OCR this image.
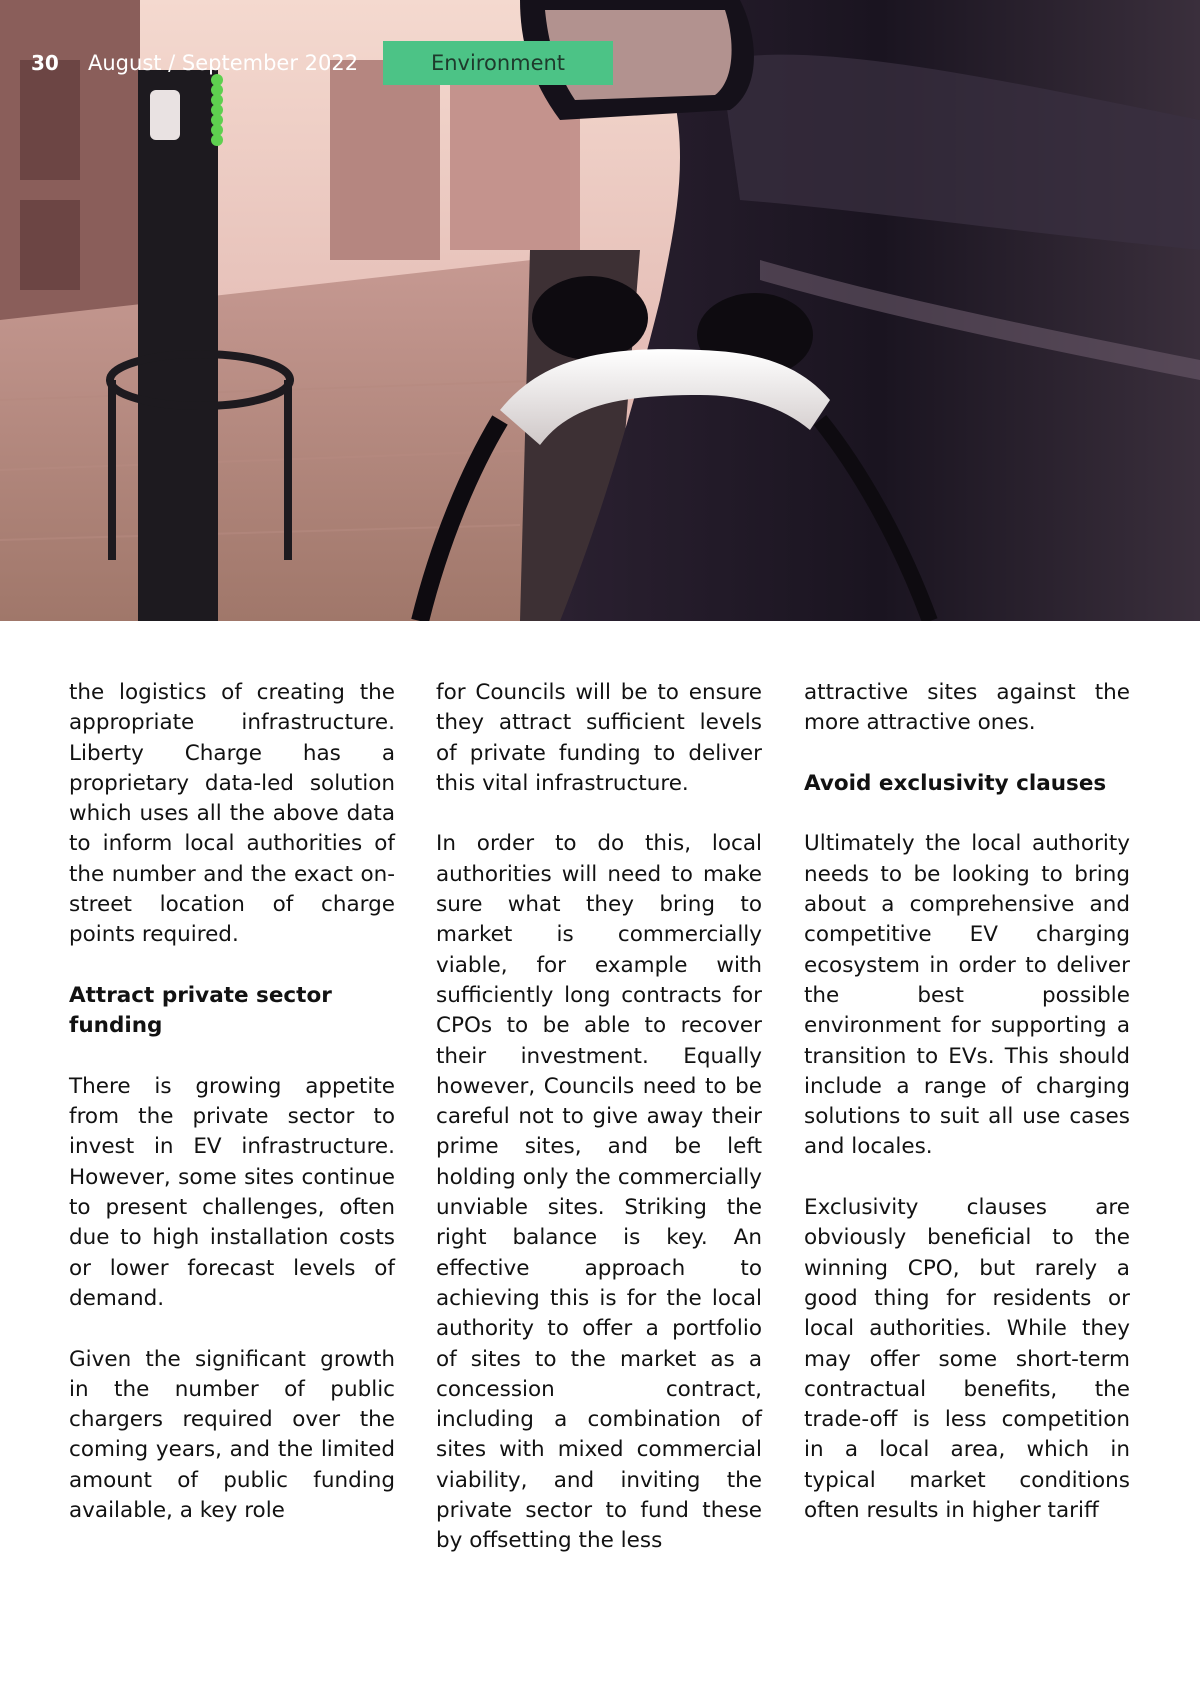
30 August / September 2022	Environment

the logistics of creating the appropriate infrastructure. Liberty Charge has a proprietary data-led solution which uses all the above data to inform local authorities of the number and the exact on-street location of charge points required.

Attract private sector funding

There is growing appetite from the private sector to invest in EV infrastructure. However, some sites continue to present challenges, often due to high installation costs or lower forecast levels of demand.

Given the significant growth in the number of public chargers required over the coming years, and the limited amount of public funding available, a key role

for Councils will be to ensure they attract sufficient levels of private funding to deliver this vital infrastructure.

In order to do this, local authorities will need to make sure what they bring to market is commercially viable, for example with sufficiently long contracts for CPOs to be able to recover their investment. Equally however, Councils need to be careful not to give away their prime sites, and be left holding only the commercially unviable sites. Striking the right balance is key. An effective approach to achieving this is for the local authority to offer a portfolio of sites to the market as a concession contract, including a combination of sites with mixed commercial viability, and inviting the private sector to fund these by offsetting the less

attractive sites against the more attractive ones.

Avoid exclusivity clauses

Ultimately the local authority needs to be looking to bring about a comprehensive and competitive EV charging ecosystem in order to deliver the best possible environment for supporting a transition to EVs. This should include a range of charging solutions to suit all use cases and locales.

Exclusivity clauses are obviously beneficial to the winning CPO, but rarely a good thing for residents or local authorities. While they may offer some short-term contractual benefits, the trade-off is less competition in a local area, which in typical market conditions often results in higher tariff
